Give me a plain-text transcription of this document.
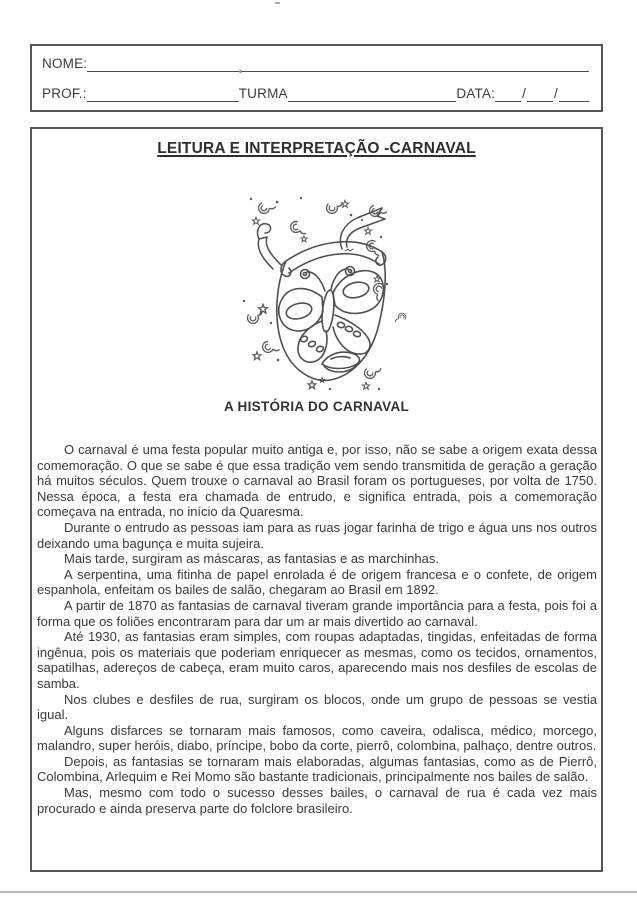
NOME:
PROF.:	TURMA	DATA: / /
LEITURA E INTERPRETAÇÃO -CARNAVAL
A HISTÓRIA DO CARNAVAL

O carnaval é uma festa popular muito antiga e, por isso, não se sabe a origem exata dessa comemoração. O que se sabe é que essa tradição vem sendo transmitida de geração a geração há muitos séculos. Quem trouxe o carnaval ao Brasil foram os portugueses, por volta de 1750. Nessa época, a festa era chamada de entrudo, e significa entrada, pois a comemoração começava na entrada, no início da Quaresma.

Durante o entrudo as pessoas iam para as ruas jogar farinha de trigo e água uns nos outros deixando uma bagunça e muita sujeira.

Mais tarde, surgiram as máscaras, as fantasias e as marchinhas.

A serpentina, uma fitinha de papel enrolada é de origem francesa e o confete, de origem espanhola, enfeitam os bailes de salão, chegaram ao Brasil em 1892.

A partir de 1870 as fantasias de carnaval tiveram grande importância para a festa, pois foi a forma que os foliões encontraram para dar um ar mais divertido ao carnaval.

Até 1930, as fantasias eram simples, com roupas adaptadas, tingidas, enfeitadas de forma ingênua, pois os materiais que poderiam enriquecer as mesmas, como os tecidos, ornamentos, sapatilhas, adereços de cabeça, eram muito caros, aparecendo mais nos desfiles de escolas de samba.

Nos clubes e desfiles de rua, surgiram os blocos, onde um grupo de pessoas se vestia igual.

Alguns disfarces se tornaram mais famosos, como caveira, odalisca, médico, morcego, malandro, super heróis, diabo, príncipe, bobo da corte, pierrô, colombina, palhaço, dentre outros.

Depois, as fantasias se tornaram mais elaboradas, algumas fantasias, como as de Pierrô, Colombina, Arlequim e Rei Momo são bastante tradicionais, principalmente nos bailes de salão.

Mas, mesmo com todo o sucesso desses bailes, o carnaval de rua é cada vez mais procurado e ainda preserva parte do folclore brasileiro.
